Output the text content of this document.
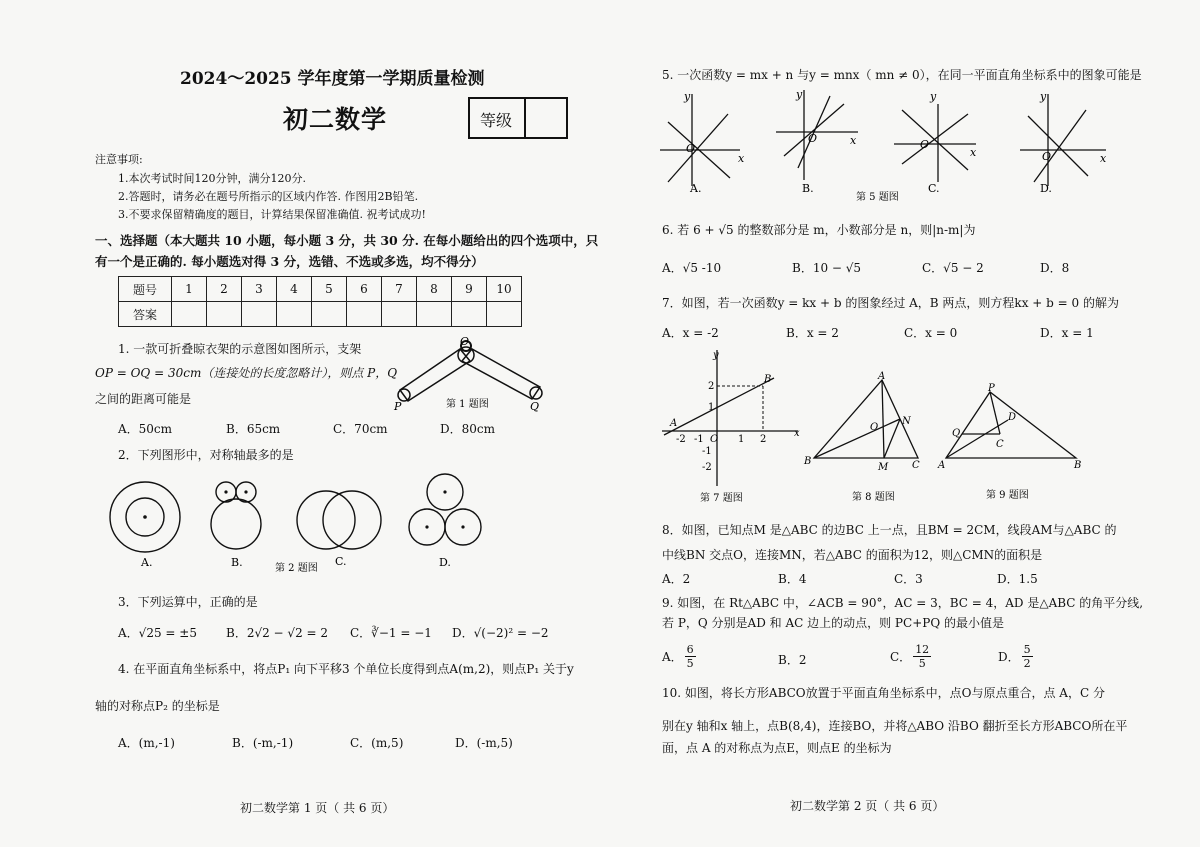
2024～2025 学年度第一学期质量检测
初二数学	等级
注意事项:
1.本次考试时间120分钟，满分120分.
2.答题时，请务必在题号所指示的区域内作答. 作图用2B铅笔.
3.不要求保留精确度的题目，计算结果保留准确值. 祝考试成功!
一、选择题（本大题共 10 小题，每小题 3 分，共 30 分. 在每小题给出的四个选项中，只
有一个是正确的. 每小题选对得 3 分，选错、不选或多选，均不得分）
题号	1	2	3	4	5	6	7	8	9	10
答案										
1. 一款可折叠晾衣架的示意图如图所示，支架
OP = OQ = 30cm（连接处的长度忽略计），则点 P，Q
之间的距离可能是
O
P	Q
第 1 题图
A．50cm	B．65cm	C．70cm	D．80cm
2．下列图形中，对称轴最多的是
A.	B.	C.	D.
第 2 题图
3．下列运算中，正确的是
A．√25 = ±5 B．2√2 − √2 = 2 C．∛−1 = −1 D．√(−2)² = −2
4. 在平面直角坐标系中，将点P₁ 向下平移3 个单位长度得到点A(m,2)，则点P₁ 关于y
轴的对称点P₂ 的坐标是
A．(m,-1)	B．(-m,-1)	C．(m,5)	D．(-m,5)
初二数学第 1 页（ 共 6 页）
5. 一次函数y = mx + n 与y = mnx（ mn ≠ 0），在同一平面直角坐标系中的图象可能是
x
y
O
A.
x
y
O
B.
x
y
O
C.
x
y
O
D.
第 5 题图
6. 若 6 + √5 的整数部分是 m，小数部分是 n，则|n-m|为
A．√5 -10	B．10 − √5	C．√5 − 2	D．8
7．如图，若一次函数y = kx + b 的图象经过 A，B 两点，则方程kx + b = 0 的解为
A．x = -2	B．x = 2	C．x = 0	D．x = 1
x
y
O
-2 -1	1 2
1
2
-1
-2
A
B
第 7 题图
A
B	C
M
N
O
第 8 题图
P
A	B
D
C
Q
第 9 题图
8．如图，已知点M 是△ABC 的边BC 上一点，且BM = 2CM，线段AM与△ABC 的
中线BN 交点O，连接MN，若△ABC 的面积为12，则△CMN的面积是
A．2	B．4	C．3	D．1.5
9. 如图，在 Rt△ABC 中，∠ACB = 90°，AC = 3，BC = 4，AD 是△ABC 的角平分线,
若 P，Q 分别是AD 和 AC 边上的动点，则 PC+PQ 的最小值是
A． $\frac{6}{5}$	B．2	C． $\frac{12}{5}$	D． $\frac{5}{2}$
10. 如图，将长方形ABCO放置于平面直角坐标系中，点O与原点重合，点 A，C 分
别在y 轴和x 轴上，点B(8,4)，连接BO，并将△ABO 沿BO 翻折至长方形ABCO所在平
面，点 A 的对称点为点E，则点E 的坐标为
初二数学第 2 页（ 共 6 页）
